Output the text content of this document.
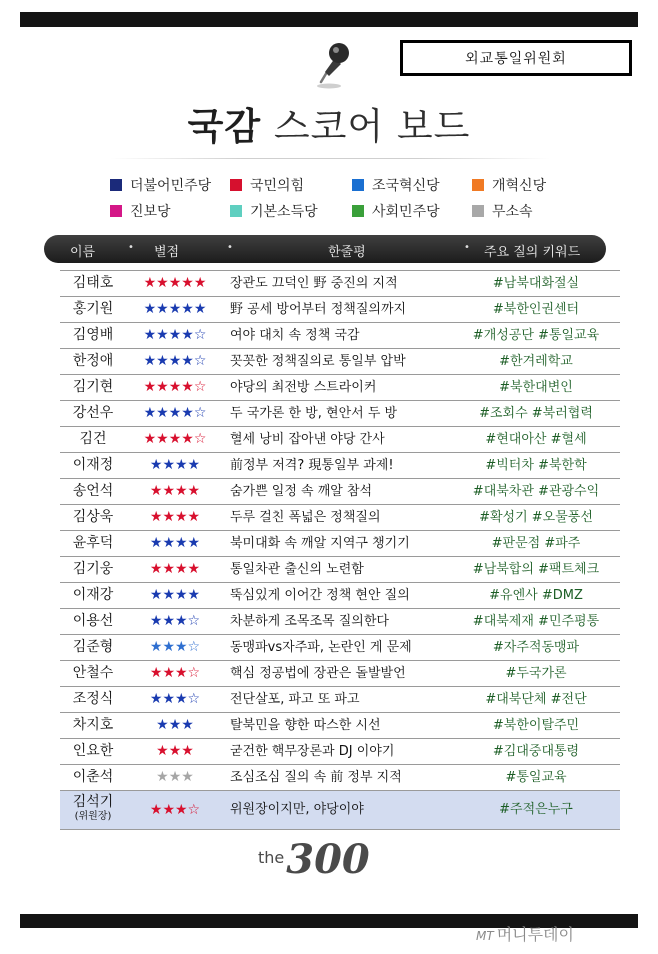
외교통일위원회
국감 스코어 보드
더불어민주당	국민의힘	조국혁신당	개혁신당
진보당	기본소득당	사회민주당	무소속
이름	• 별점	•	한줄평	• 주요 질의 키워드
김태호	★★★★★	장관도 끄덕인 野 중진의 지적	#남북대화절실
홍기원	★★★★★	野 공세 방어부터 정책질의까지	#북한인권센터
김영배	★★★★☆	여야 대치 속 정책 국감	#개성공단 #통일교육
한정애	★★★★☆	꼿꼿한 정책질의로 통일부 압박	#한겨레학교
김기현	★★★★☆	야당의 최전방 스트라이커	#북한대변인
강선우	★★★★☆	두 국가론 한 방, 현안서 두 방	#조회수 #북러협력
김건	★★★★☆	혈세 낭비 잡아낸 야당 간사	#현대아산 #혈세
이재정	★★★★	前정부 저격? 現통일부 과제!	#빅터차 #북한학
송언석	★★★★	숨가쁜 일정 속 깨알 참석	#대북차관 #관광수익
김상욱	★★★★	두루 걸친 폭넓은 정책질의	#확성기 #오물풍선
윤후덕	★★★★	북미대화 속 깨알 지역구 챙기기	#판문점 #파주
김기웅	★★★★	통일차관 출신의 노련함	#남북합의 #팩트체크
이재강	★★★★	뚝심있게 이어간 정책 현안 질의	#유엔사 #DMZ
이용선	★★★☆	차분하게 조목조목 질의한다	#대북제재 #민주평통
김준형	★★★☆	동맹파vs자주파, 논란인 게 문제	#자주적동맹파
안철수	★★★☆	핵심 정공법에 장관은 돌발발언	#두국가론
조정식	★★★☆	전단살포, 파고 또 파고	#대북단체 #전단
차지호	★★★	탈북민을 향한 따스한 시선	#북한이탈주민
인요한	★★★	굳건한 핵무장론과 DJ 이야기	#김대중대통령
이춘석	★★★	조심조심 질의 속 前 정부 지적	#통일교육
김석기
(위원장)	★★★☆	위원장이지만, 야당이야	#주적은누구
$^{the}$300
MT 머니투데이
